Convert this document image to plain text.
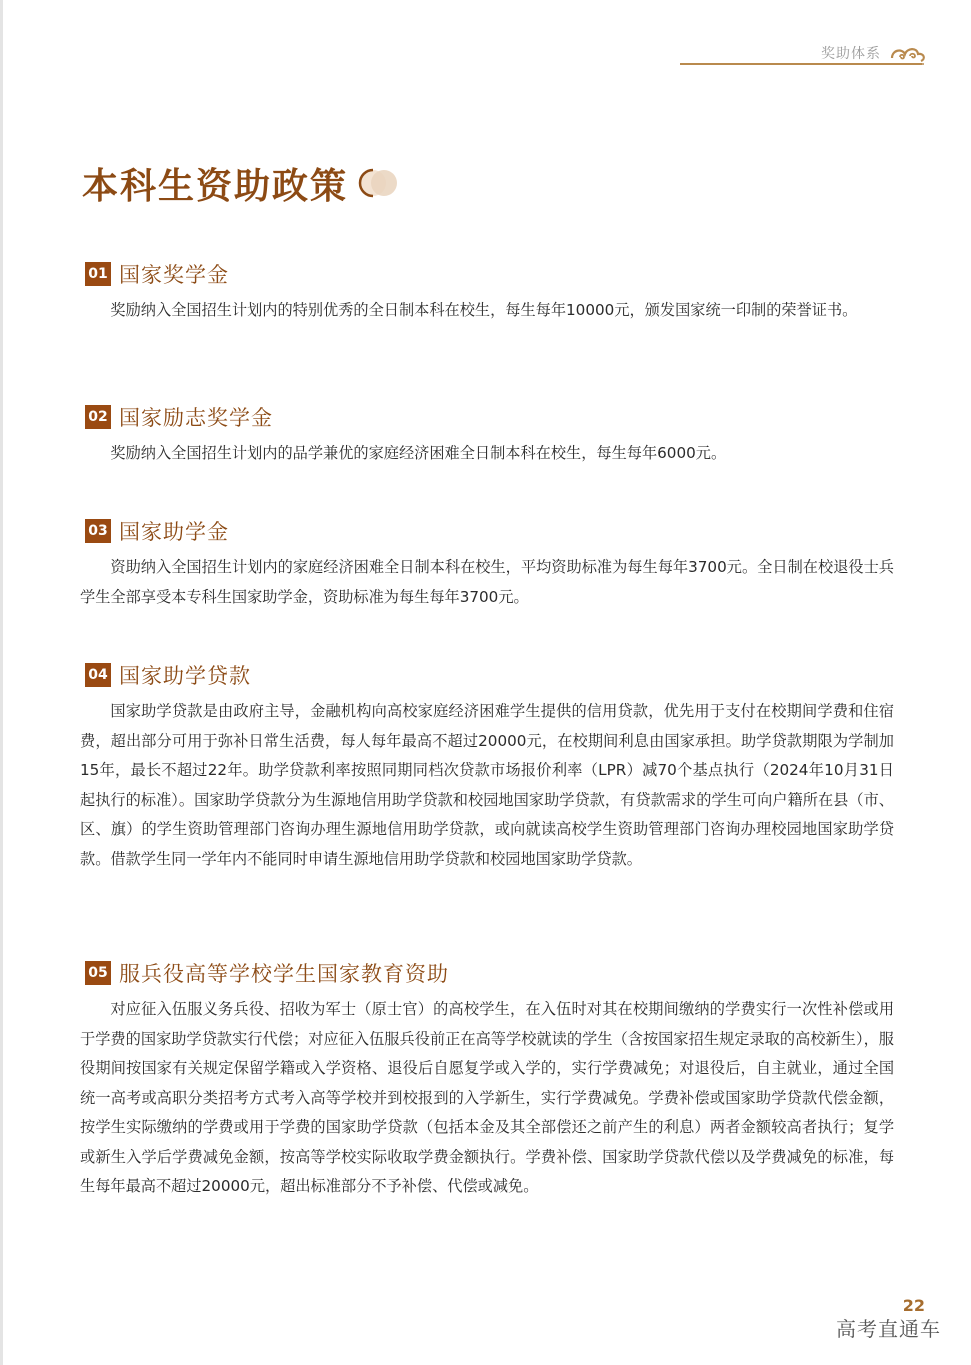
奖助体系
本科生资助政策
01 国家奖学金

奖励纳入全国招生计划内的特别优秀的全日制本科在校生，每生每年10000元，颁发国家统一印制的荣誉证书。

02 国家励志奖学金

奖励纳入全国招生计划内的品学兼优的家庭经济困难全日制本科在校生，每生每年6000元。

03 国家助学金

资助纳入全国招生计划内的家庭经济困难全日制本科在校生，平均资助标准为每生每年3700元。全日制在校退役士兵学生全部享受本专科生国家助学金，资助标准为每生每年3700元。

04 国家助学贷款

国家助学贷款是由政府主导，金融机构向高校家庭经济困难学生提供的信用贷款，优先用于支付在校期间学费和住宿费，超出部分可用于弥补日常生活费，每人每年最高不超过20000元，在校期间利息由国家承担。助学贷款期限为学制加15年，最长不超过22年。助学贷款利率按照同期同档次贷款市场报价利率（LPR）减70个基点执行（2024年10月31日起执行的标准）。国家助学贷款分为生源地信用助学贷款和校园地国家助学贷款，有贷款需求的学生可向户籍所在县（市、区、旗）的学生资助管理部门咨询办理生源地信用助学贷款，或向就读高校学生资助管理部门咨询办理校园地国家助学贷款。借款学生同一学年内不能同时申请生源地信用助学贷款和校园地国家助学贷款。

05 服兵役高等学校学生国家教育资助

对应征入伍服义务兵役、招收为军士（原士官）的高校学生，在入伍时对其在校期间缴纳的学费实行一次性补偿或用于学费的国家助学贷款实行代偿；对应征入伍服兵役前正在高等学校就读的学生（含按国家招生规定录取的高校新生），服役期间按国家有关规定保留学籍或入学资格、退役后自愿复学或入学的，实行学费减免；对退役后，自主就业，通过全国统一高考或高职分类招考方式考入高等学校并到校报到的入学新生，实行学费减免。学费补偿或国家助学贷款代偿金额，按学生实际缴纳的学费或用于学费的国家助学贷款（包括本金及其全部偿还之前产生的利息）两者金额较高者执行；复学或新生入学后学费减免金额，按高等学校实际收取学费金额执行。学费补偿、国家助学贷款代偿以及学费减免的标准，每生每年最高不超过20000元，超出标准部分不予补偿、代偿或减免。

22
高考直通车
